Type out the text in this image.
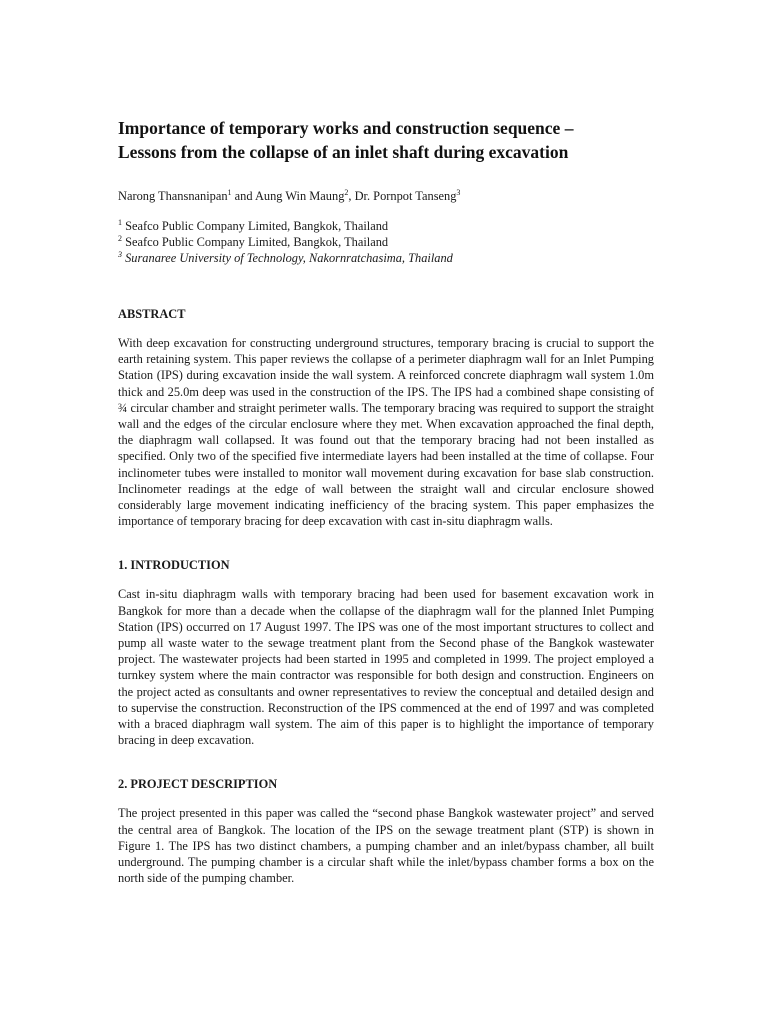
Importance of temporary works and construction sequence –
Lessons from the collapse of an inlet shaft during excavation
Narong Thansnanipan$^1$ and Aung Win Maung$^2$, Dr. Pornpot Tanseng$^3$
$^1$ Seafco Public Company Limited, Bangkok, Thailand
$^2$ Seafco Public Company Limited, Bangkok, Thailand
$^3$ Suranaree University of Technology, Nakornratchasima, Thailand
ABSTRACT

With deep excavation for constructing underground structures, temporary bracing is crucial to support the earth retaining system. This paper reviews the collapse of a perimeter diaphragm wall for an Inlet Pumping Station (IPS) during excavation inside the wall system. A reinforced concrete diaphragm wall system 1.0m thick and 25.0m deep was used in the construction of the IPS. The IPS had a combined shape consisting of ¾ circular chamber and straight perimeter walls. The temporary bracing was required to support the straight wall and the edges of the circular enclosure where they met. When excavation approached the final depth, the diaphragm wall collapsed. It was found out that the temporary bracing had not been installed as specified. Only two of the specified five intermediate layers had been installed at the time of collapse. Four inclinometer tubes were installed to monitor wall movement during excavation for base slab construction. Inclinometer readings at the edge of wall between the straight wall and circular enclosure showed considerably large movement indicating inefficiency of the bracing system. This paper emphasizes the importance of temporary bracing for deep excavation with cast in-situ diaphragm walls.

1. INTRODUCTION

Cast in-situ diaphragm walls with temporary bracing had been used for basement excavation work in Bangkok for more than a decade when the collapse of the diaphragm wall for the planned Inlet Pumping Station (IPS) occurred on 17 August 1997. The IPS was one of the most important structures to collect and pump all waste water to the sewage treatment plant from the Second phase of the Bangkok wastewater project. The wastewater projects had been started in 1995 and completed in 1999. The project employed a turnkey system where the main contractor was responsible for both design and construction. Engineers on the project acted as consultants and owner representatives to review the conceptual and detailed design and to supervise the construction. Reconstruction of the IPS commenced at the end of 1997 and was completed with a braced diaphragm wall system. The aim of this paper is to highlight the importance of temporary bracing in deep excavation.

2. PROJECT DESCRIPTION

The project presented in this paper was called the “second phase Bangkok wastewater project” and served the central area of Bangkok. The location of the IPS on the sewage treatment plant (STP) is shown in Figure 1. The IPS has two distinct chambers, a pumping chamber and an inlet/bypass chamber, all built underground. The pumping chamber is a circular shaft while the inlet/bypass chamber forms a box on the north side of the pumping chamber.
